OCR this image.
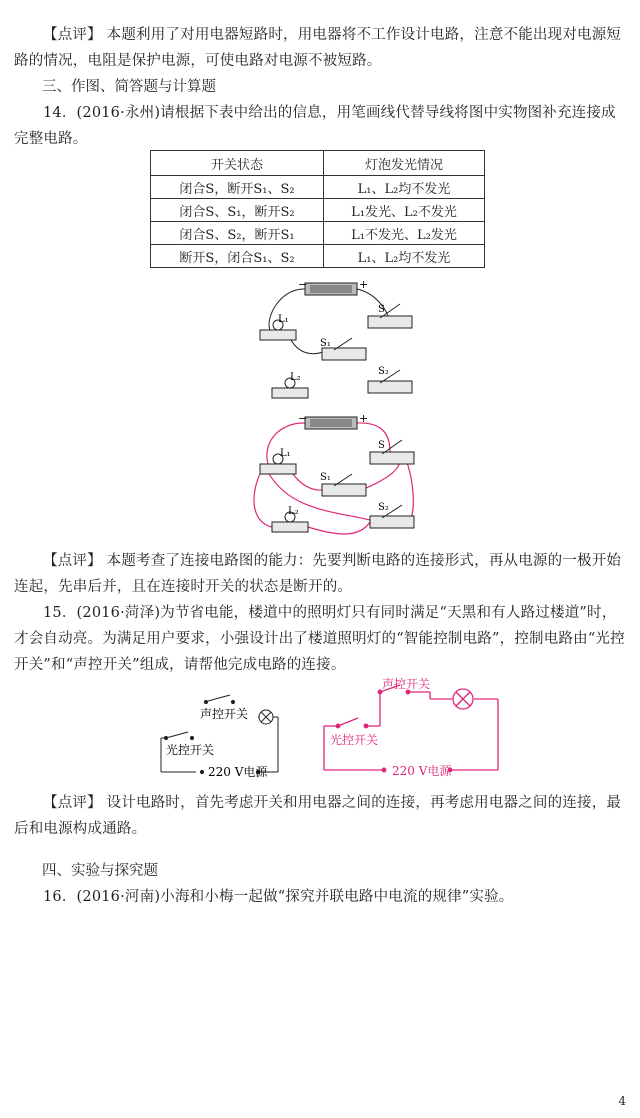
【点评】 本题利用了对用电器短路时，用电器将不工作设计电路，注意不能出现对电源短路的情况，电阻是保护电源，可使电路对电源不被短路。

三、作图、简答题与计算题

14．(2016·永州)请根据下表中给出的信息，用笔画线代替导线将图中实物图补充连接成完整电路。

开关状态	灯泡发光情况
闭合S，断开S₁、S₂	L₁、L₂均不发光
闭合S、S₁，断开S₂	L₁发光、L₂不发光
闭合S、S₂，断开S₁	L₁不发光、L₂发光
断开S，闭合S₁、S₂	L₁、L₂均不发光
−	+
L₁
S₁
S
S₂
L₂
−	+
L₁
S₁
S
S₂
L₂

【点评】 本题考查了连接电路图的能力：先要判断电路的连接形式，再从电源的一极开始连起，先串后并，且在连接时开关的状态是断开的。

15．(2016·菏泽)为节省电能，楼道中的照明灯只有同时满足“天黑和有人路过楼道”时，才会自动亮。为满足用户要求，小强设计出了楼道照明灯的“智能控制电路”，控制电路由“光控开关”和“声控开关”组成，请帮他完成电路的连接。

声控开关
光控开关
220 V电源
声控开关
光控开关
220 V电源

【点评】 设计电路时，首先考虑开关和用电器之间的连接，再考虑用电器之间的连接，最后和电源构成通路。

四、实验与探究题

16．(2016·河南)小海和小梅一起做“探究并联电路中电流的规律”实验。

4
